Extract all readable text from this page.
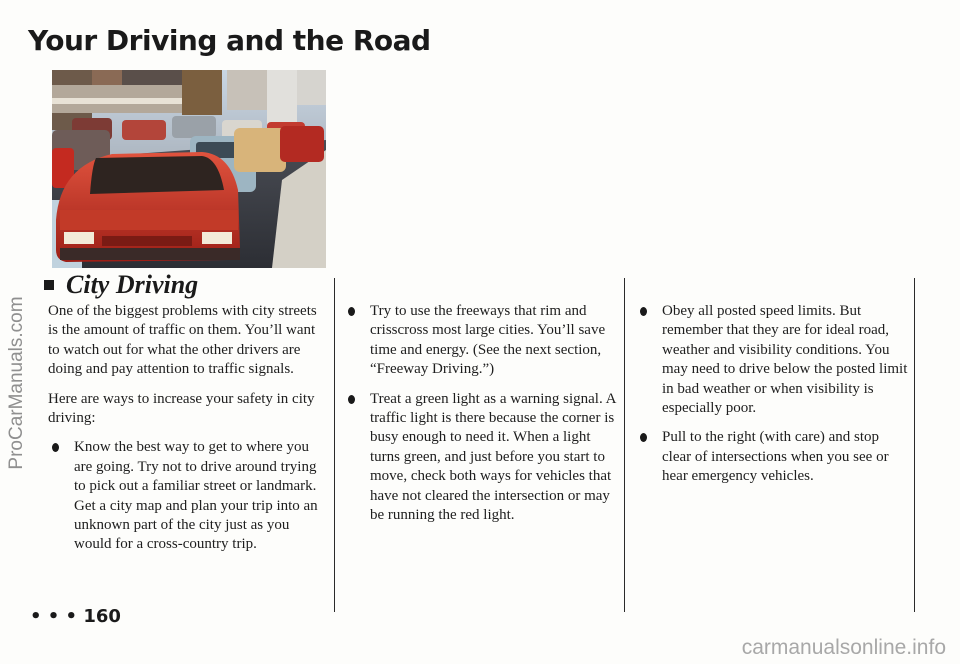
Your Driving and the Road
ProCarManuals.com
City Driving

One of the biggest problems with city streets is the amount of traffic on them. You’ll want to watch out for what the other drivers are doing and pay attention to traffic signals.

Here are ways to increase your safety in city driving:

Know the best way to get to where you are going. Try not to drive around trying to pick out a familiar street or landmark. Get a city map and plan your trip into an unknown part of the city just as you would for a cross-country trip.
Try to use the freeways that rim and crisscross most large cities. You’ll save time and energy. (See the next section, “Freeway Driving.”)
Treat a green light as a warning signal. A traffic light is there because the corner is busy enough to need it. When a light turns green, and just before you start to move, check both ways for vehicles that have not cleared the intersection or may be running the red light.
Obey all posted speed limits. But remember that they are for ideal road, weather and visibility conditions. You may need to drive below the posted limit in bad weather or when visibility is especially poor.
Pull to the right (with care) and stop clear of intersections when you see or hear emergency vehicles.
• • • 160
carmanualsonline.info
